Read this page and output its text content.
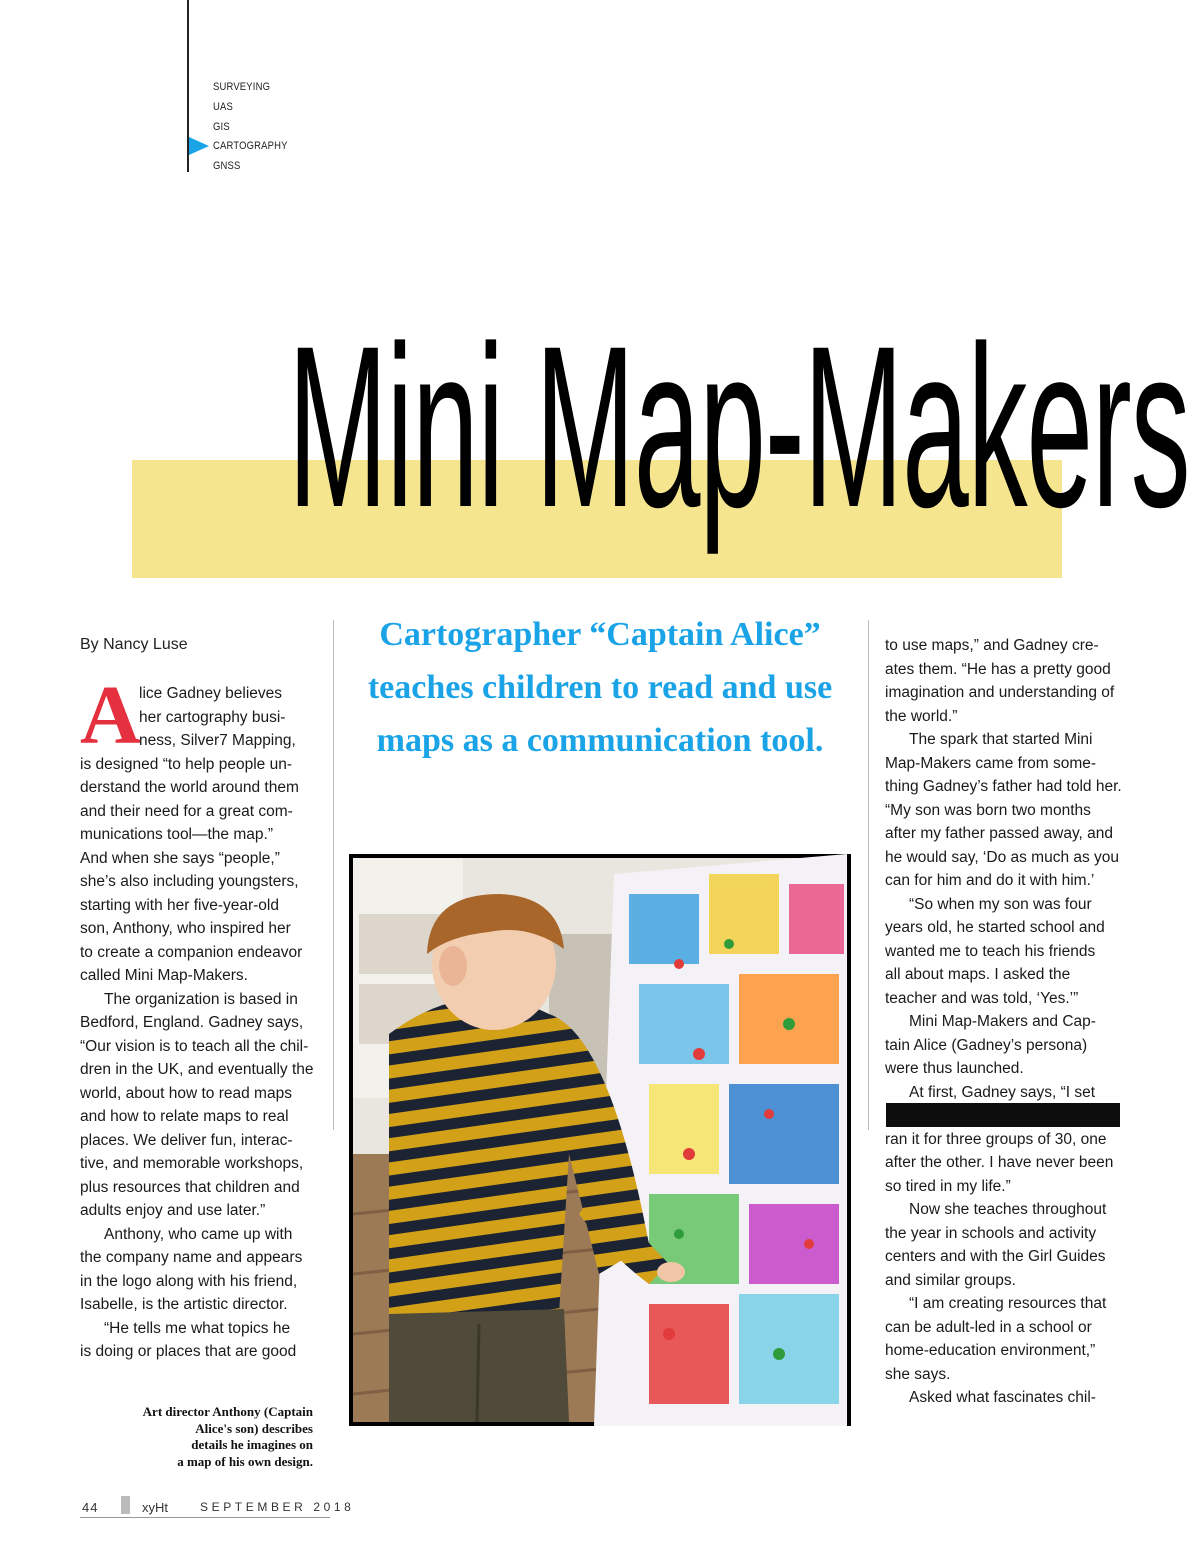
SURVEYING
UAS
GIS
CARTOGRAPHY
GNSS
Mini Map-Makers
By Nancy Luse
A

lice Gadney believes

her cartography busi-

ness, Silver7 Mapping,

is designed “to help people un-

derstand the world around them

and their need for a great com-

munications tool—the map.”

And when she says “people,”

she’s also including youngsters,

starting with her five-year-old

son, Anthony, who inspired her

to create a companion endeavor

called Mini Map-Makers.

The organization is based in

Bedford, England. Gadney says,

“Our vision is to teach all the chil-

dren in the UK, and eventually the

world, about how to read maps

and how to relate maps to real

places. We deliver fun, interac-

tive, and memorable workshops,

plus resources that children and

adults enjoy and use later.”

Anthony, who came up with

the company name and appears

in the logo along with his friend,

Isabelle, is the artistic director.

“He tells me what topics he

is doing or places that are good

Cartographer “Captain Alice” teaches children to read and use maps as a communication tool.
Art director Anthony (Captain
Alice's son) describes
details he imagines on
a map of his own design.

to use maps,” and Gadney cre-

ates them. “He has a pretty good

imagination and understanding of

the world.”

The spark that started Mini

Map-Makers came from some-

thing Gadney’s father had told her.

“My son was born two months

after my father passed away, and

he would say, ‘Do as much as you

can for him and do it with him.’

“So when my son was four

years old, he started school and

wanted me to teach his friends

all about maps. I asked the

teacher and was told, ‘Yes.’”

Mini Map-Makers and Cap-

tain Alice (Gadney’s persona)

were thus launched.

At first, Gadney says, “I set

ran it for three groups of 30, one

after the other. I have never been

so tired in my life.”

Now she teaches throughout

the year in schools and activity

centers and with the Girl Guides

and similar groups.

“I am creating resources that

can be adult-led in a school or

home-education environment,”

she says.

Asked what fascinates chil-

44	xyHt	SEPTEMBER 2018
